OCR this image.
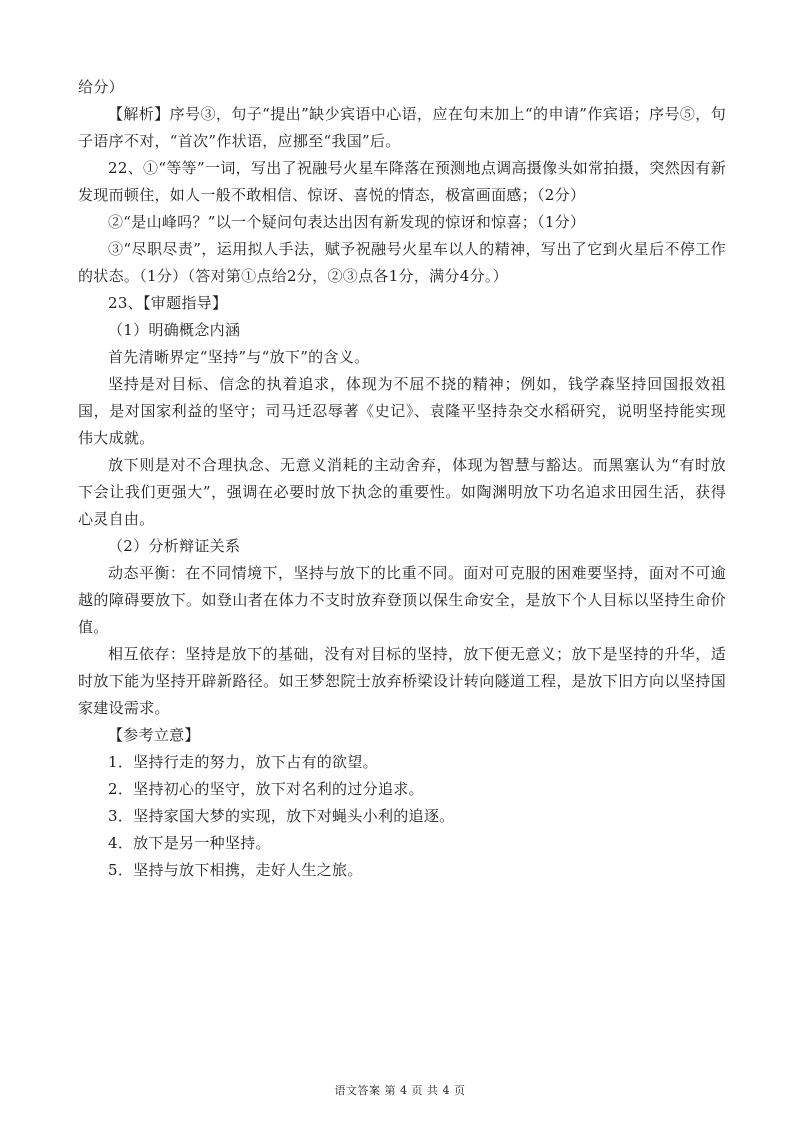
给分）

【解析】序号③，句子“提出”缺少宾语中心语，应在句末加上“的申请”作宾语；序号⑤，句子语序不对，“首次”作状语，应挪至“我国”后。

22、①“等等”一词，写出了祝融号火星车降落在预测地点调高摄像头如常拍摄，突然因有新发现而顿住，如人一般不敢相信、惊讶、喜悦的情态，极富画面感；（2分）

②“是山峰吗？”以一个疑问句表达出因有新发现的惊讶和惊喜；（1分）

③“尽职尽责”，运用拟人手法，赋予祝融号火星车以人的精神，写出了它到火星后不停工作的状态。（1分）（答对第①点给2分，②③点各1分，满分4分。）

23、【审题指导】

（1）明确概念内涵

首先清晰界定“坚持”与“放下”的含义。

坚持是对目标、信念的执着追求，体现为不屈不挠的精神；例如，钱学森坚持回国报效祖国，是对国家利益的坚守；司马迁忍辱著《史记》、袁隆平坚持杂交水稻研究，说明坚持能实现伟大成就。

放下则是对不合理执念、无意义消耗的主动舍弃，体现为智慧与豁达。而黑塞认为“有时放下会让我们更强大”，强调在必要时放下执念的重要性。如陶渊明放下功名追求田园生活，获得心灵自由。

（2）分析辩证关系

动态平衡：在不同情境下，坚持与放下的比重不同。面对可克服的困难要坚持，面对不可逾越的障碍要放下。如登山者在体力不支时放弃登顶以保生命安全，是放下个人目标以坚持生命价值。

相互依存：坚持是放下的基础，没有对目标的坚持，放下便无意义；放下是坚持的升华，适时放下能为坚持开辟新路径。如王梦恕院士放弃桥梁设计转向隧道工程，是放下旧方向以坚持国家建设需求。

【参考立意】

1．坚持行走的努力，放下占有的欲望。

2．坚持初心的坚守，放下对名利的过分追求。

3．坚持家国大梦的实现，放下对蝇头小利的追逐。

4．放下是另一种坚持。

5．坚持与放下相携，走好人生之旅。

语文答案 第 4 页 共 4 页
